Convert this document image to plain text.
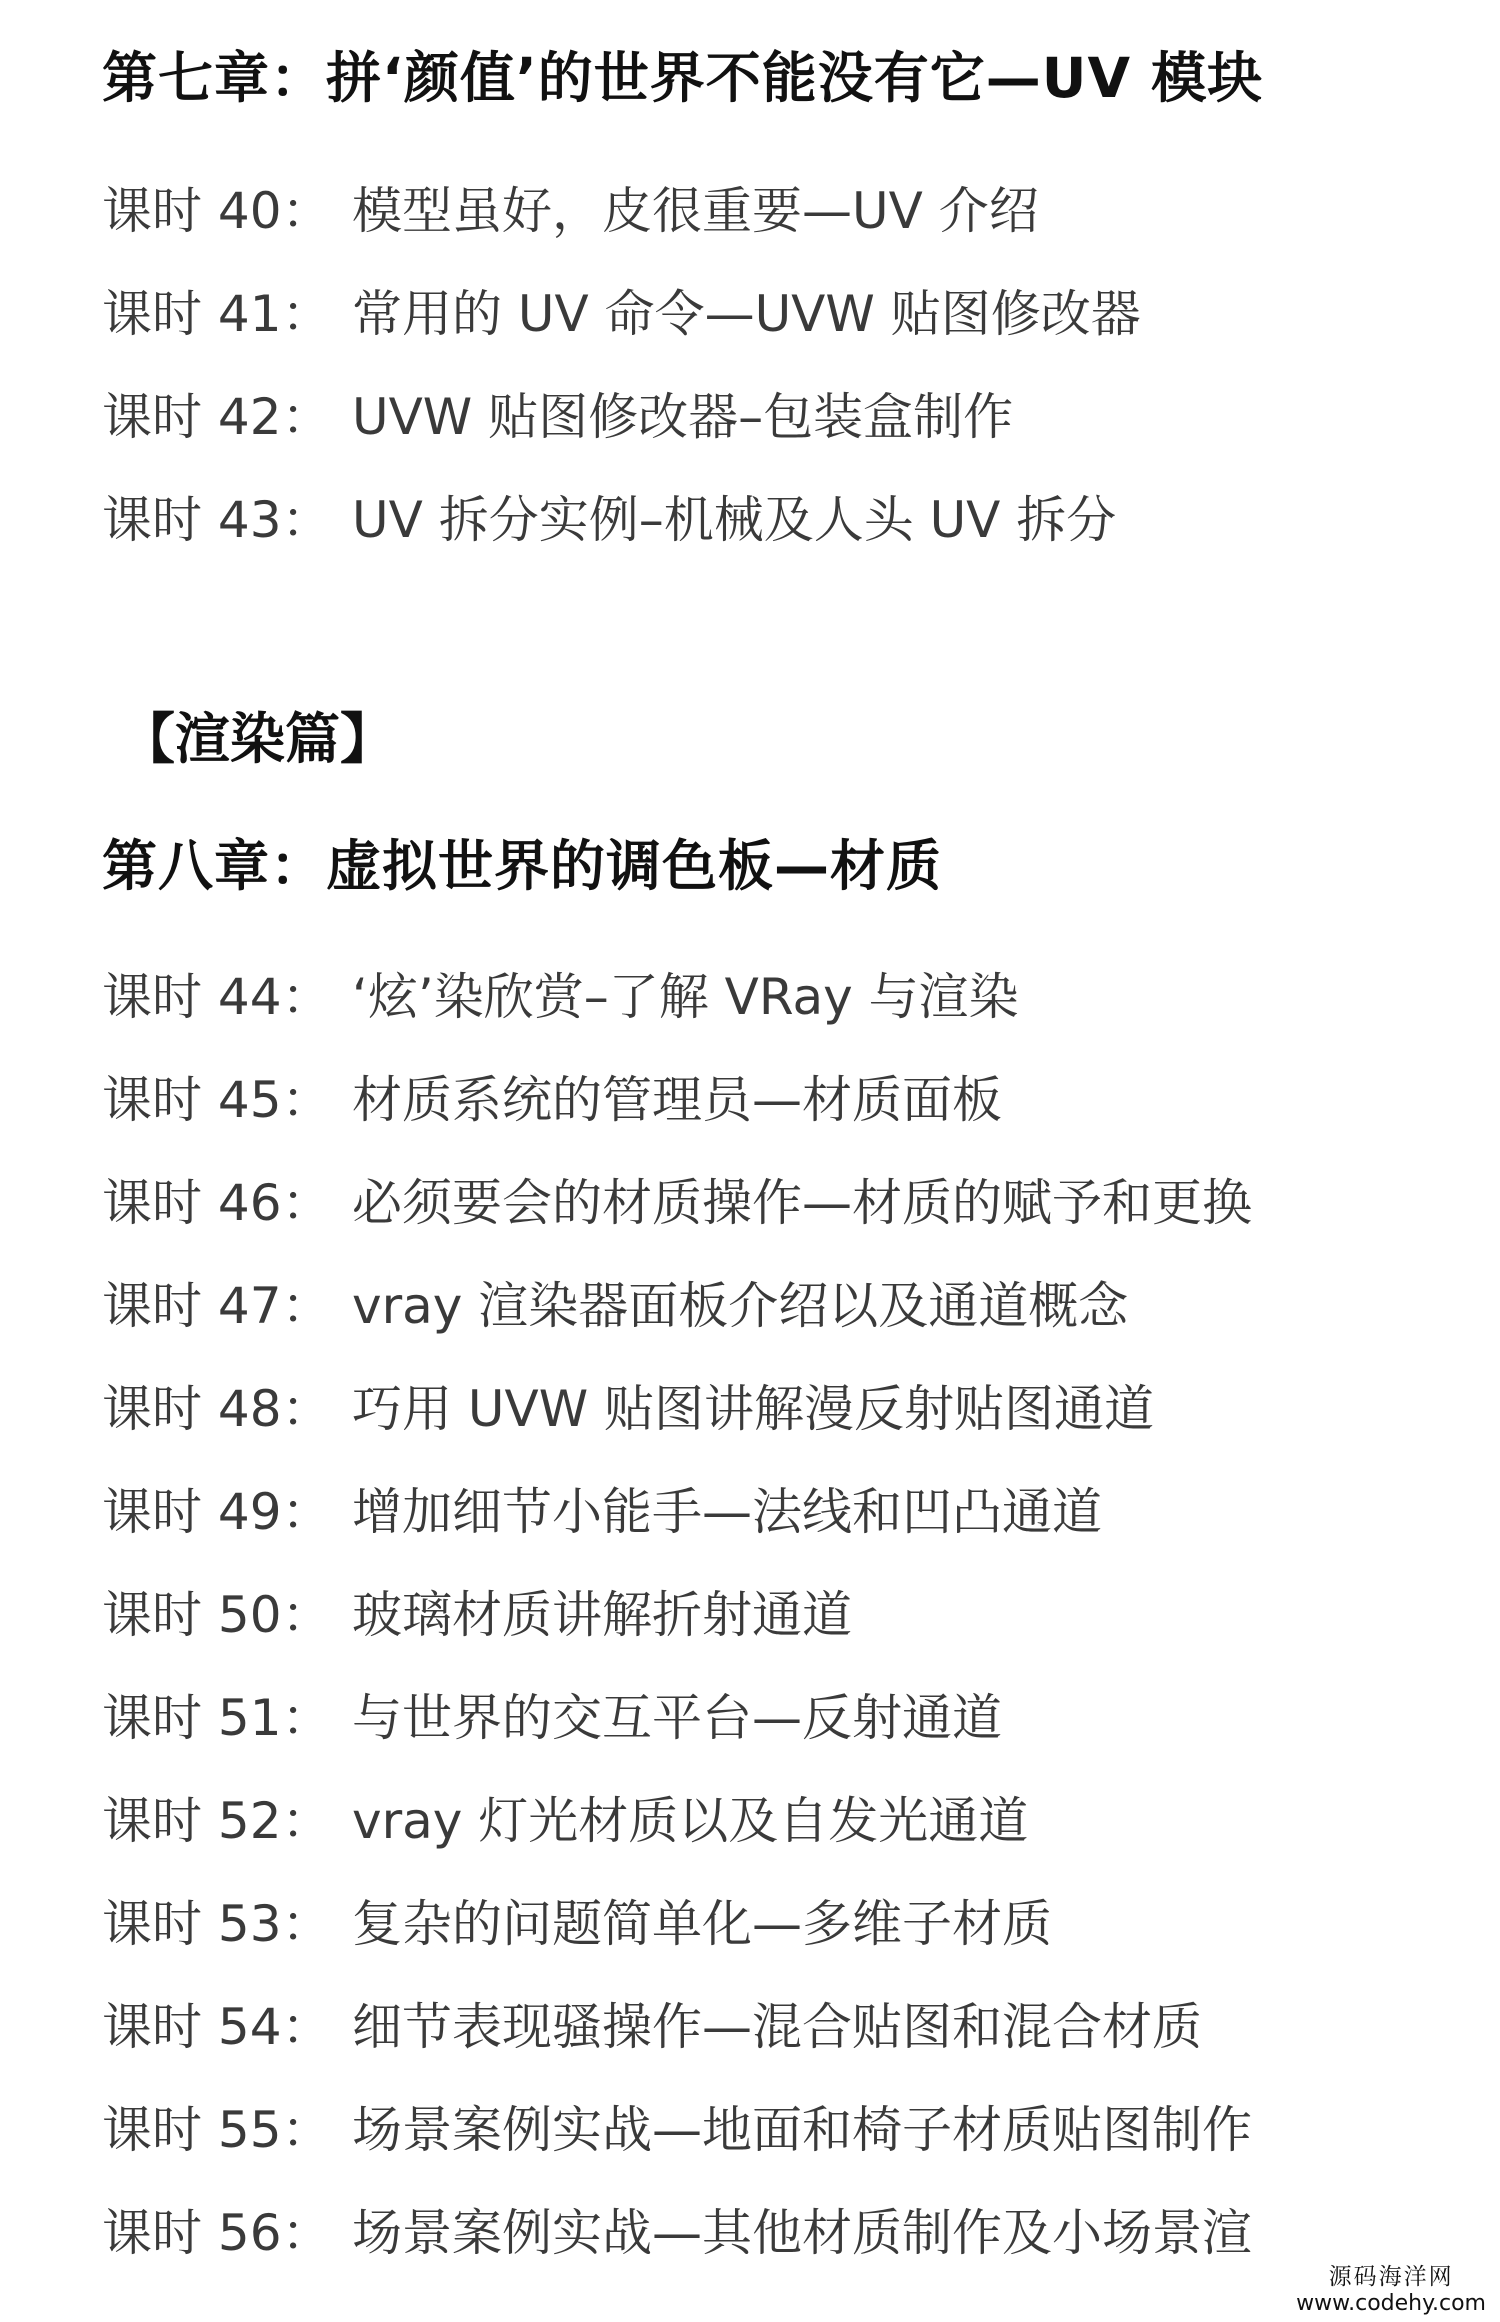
第七章：拼‘颜值’的世界不能没有它—UV 模块
课时 40： 模型虽好，皮很重要—UV 介绍
课时 41： 常用的 UV 命令—UVW 贴图修改器
课时 42： UVW 贴图修改器–包装盒制作
课时 43： UV 拆分实例–机械及人头 UV 拆分
【渲染篇】
第八章：虚拟世界的调色板—材质
课时 44： ‘炫’染欣赏–了解 VRay 与渲染
课时 45： 材质系统的管理员—材质面板
课时 46： 必须要会的材质操作—材质的赋予和更换
课时 47： vray 渲染器面板介绍以及通道概念
课时 48： 巧用 UVW 贴图讲解漫反射贴图通道
课时 49： 增加细节小能手—法线和凹凸通道
课时 50： 玻璃材质讲解折射通道
课时 51： 与世界的交互平台—反射通道
课时 52： vray 灯光材质以及自发光通道
课时 53： 复杂的问题简单化—多维子材质
课时 54： 细节表现骚操作—混合贴图和混合材质
课时 55： 场景案例实战—地面和椅子材质贴图制作
课时 56： 场景案例实战—其他材质制作及小场景渲
源码海洋网
www.codehy.com
